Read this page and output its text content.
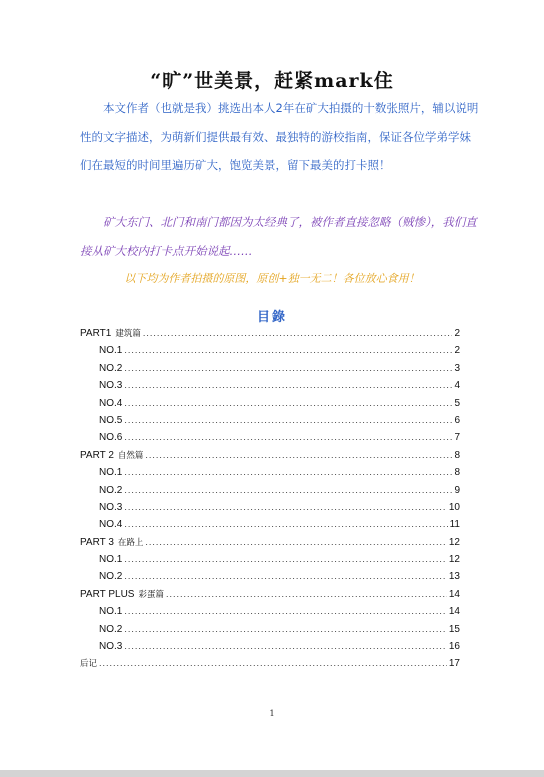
“旷”世美景，赶紧mark住

本文作者（也就是我）挑选出本人2年在矿大拍摄的十数张照片，辅以说明性的文字描述，为萌新们提供最有效、最独特的游校指南，保证各位学弟学妹们在最短的时间里遍历矿大，饱览美景，留下最美的打卡照！

矿大东门、北门和南门都因为太经典了，被作者直接忽略（贼惨），我们直接从矿大校内打卡点开始说起……

以下均为作者拍摄的原图，原创+独一无二！各位放心食用！
目錄
PART1 建筑篇 .....	2
NO.1 .....	2
NO.2 .....	3
NO.3 .....	4
NO.4 .....	5
NO.5 .....	6
NO.6 .....	7
PART 2 自然篇 .....	8
NO.1 .....	8
NO.2 .....	9
NO.3 .....	10
NO.4 .....	11
PART 3 在路上 .....	12
NO.1 .....	12
NO.2 .....	13
PART PLUS 彩蛋篇 .....	14
NO.1 .....	14
NO.2 .....	15
NO.3 .....	16
后记 .....	17
1
